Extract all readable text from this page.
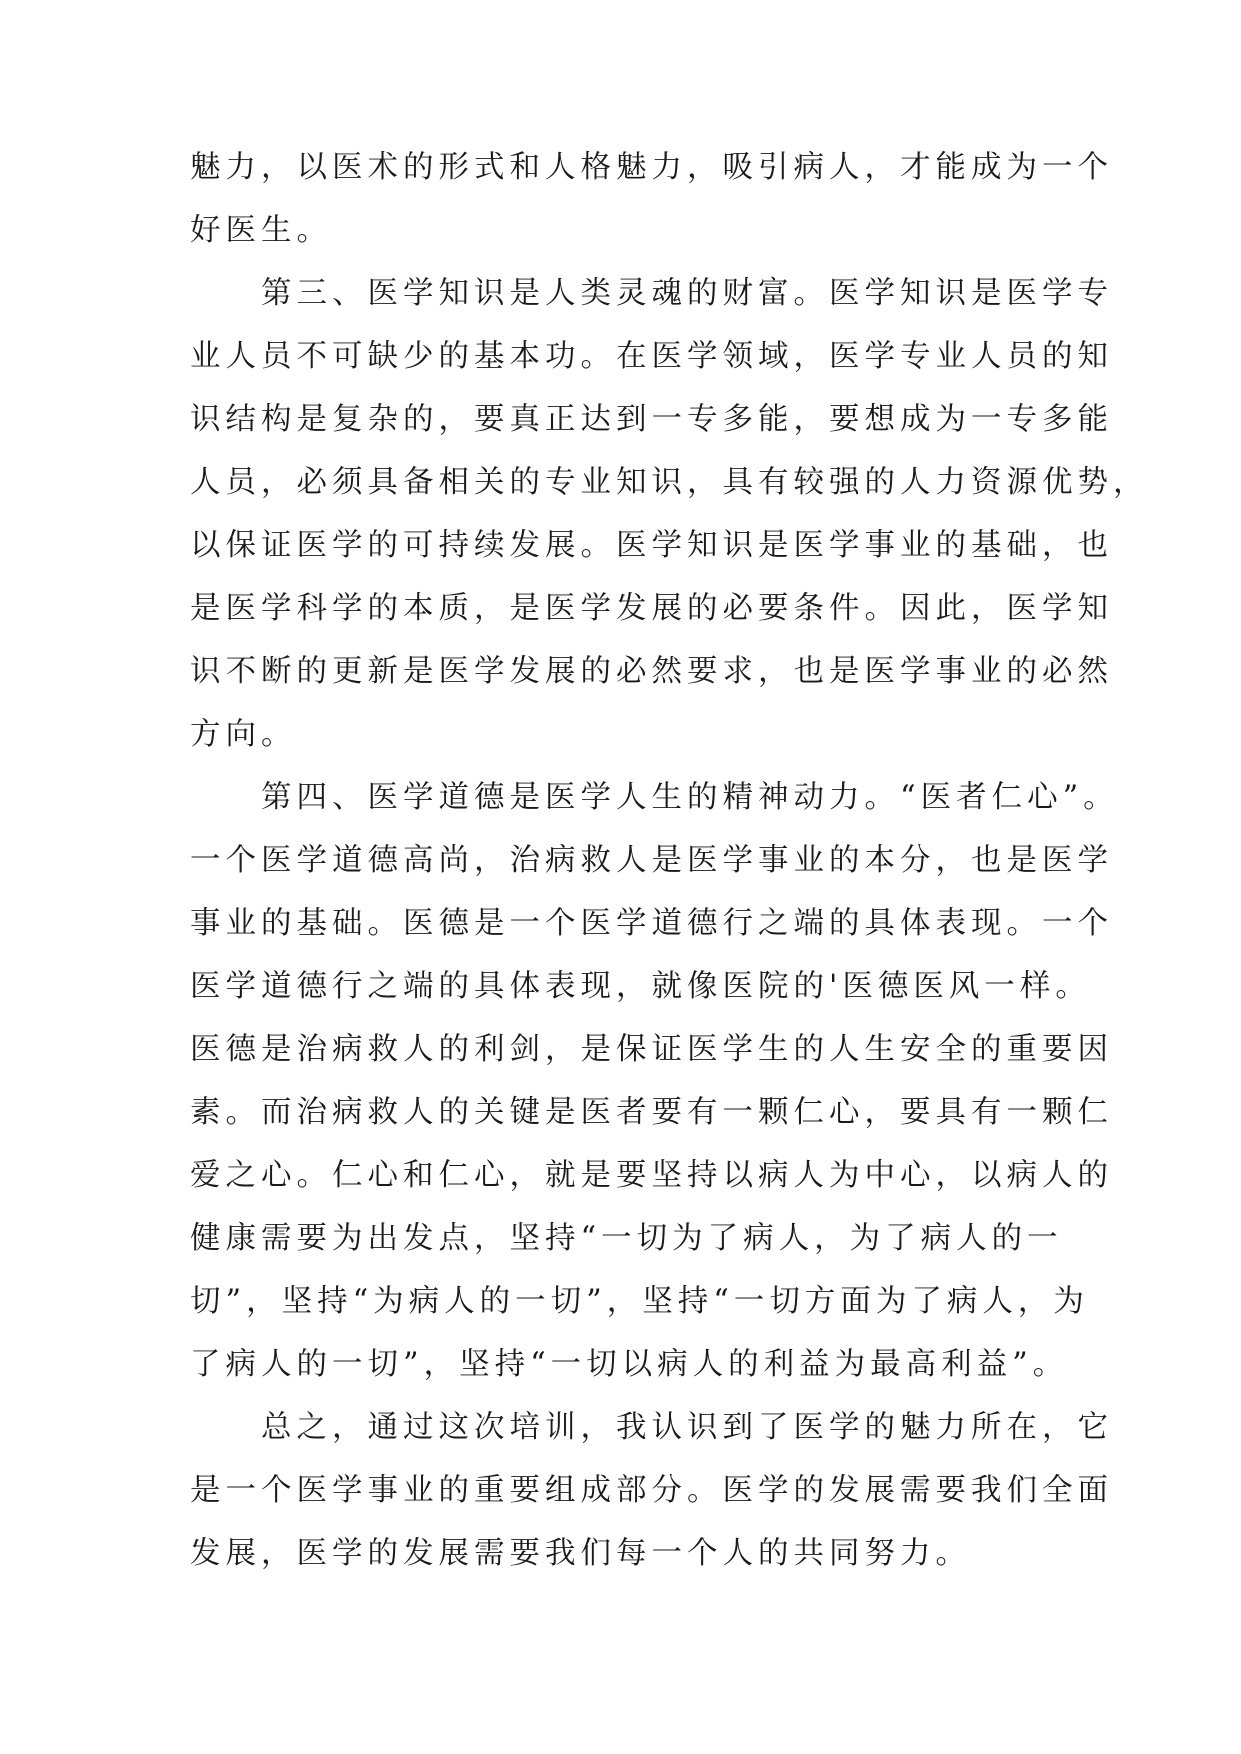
魅力，以医术的形式和人格魅力，吸引病人，才能成为一个

好医生。

　　第三、医学知识是人类灵魂的财富。医学知识是医学专

业人员不可缺少的基本功。在医学领域，医学专业人员的知

识结构是复杂的，要真正达到一专多能，要想成为一专多能

人员，必须具备相关的专业知识，具有较强的人力资源优势，

以保证医学的可持续发展。医学知识是医学事业的基础，也

是医学科学的本质，是医学发展的必要条件。因此，医学知

识不断的更新是医学发展的必然要求，也是医学事业的必然

方向。

　　第四、医学道德是医学人生的精神动力。“医者仁心”。

一个医学道德高尚，治病救人是医学事业的本分，也是医学

事业的基础。医德是一个医学道德行之端的具体表现。一个

医学道德行之端的具体表现，就像医院的'医德医风一样。

医德是治病救人的利剑，是保证医学生的人生安全的重要因

素。而治病救人的关键是医者要有一颗仁心，要具有一颗仁

爱之心。仁心和仁心，就是要坚持以病人为中心，以病人的

健康需要为出发点，坚持“一切为了病人，为了病人的一

切”，坚持“为病人的一切”，坚持“一切方面为了病人，为

了病人的一切”，坚持“一切以病人的利益为最高利益”。

　　总之，通过这次培训，我认识到了医学的魅力所在，它

是一个医学事业的重要组成部分。医学的发展需要我们全面

发展，医学的发展需要我们每一个人的共同努力。
